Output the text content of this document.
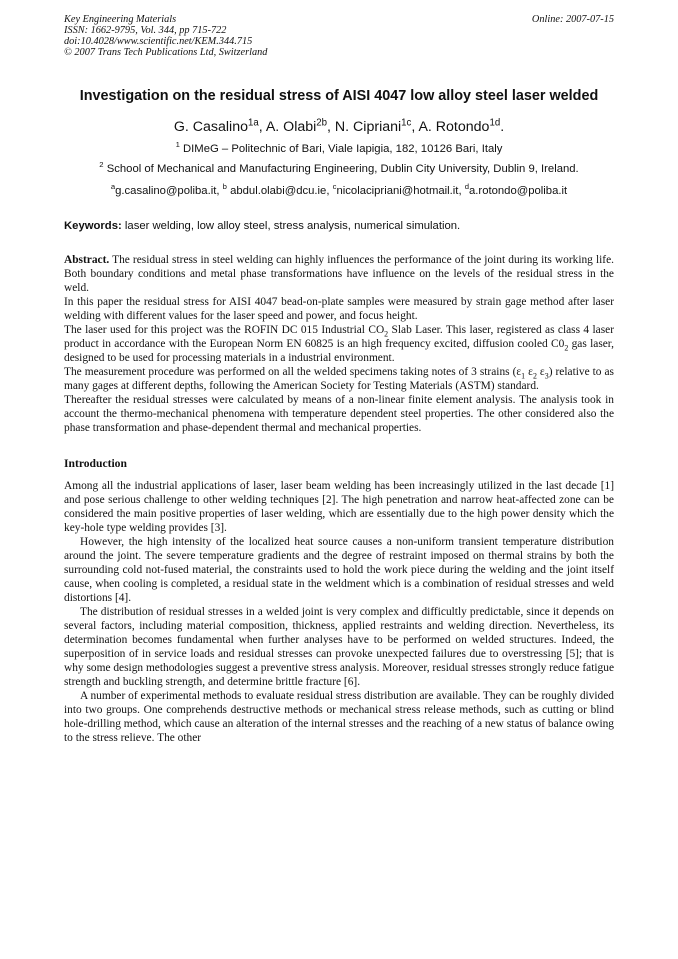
Key Engineering Materials
ISSN: 1662-9795, Vol. 344, pp 715-722
doi:10.4028/www.scientific.net/KEM.344.715
© 2007 Trans Tech Publications Ltd, Switzerland
Online: 2007-07-15
Investigation on the residual stress of AISI 4047 low alloy steel laser welded
G. Casalino$^{1a}$, A. Olabi$^{2b}$, N. Cipriani$^{1c}$, A. Rotondo$^{1d}$.
$^1$ DIMeG – Politechnic of Bari, Viale Iapigia, 182, 10126 Bari, Italy
$^2$ School of Mechanical and Manufacturing Engineering, Dublin City University, Dublin 9, Ireland.
$^a$g.casalino@poliba.it, $^b$ abdul.olabi@dcu.ie, $^c$nicolacipriani@hotmail.it, $^d$a.rotondo@poliba.it
Keywords: laser welding, low alloy steel, stress analysis, numerical simulation.

Abstract. The residual stress in steel welding can highly influences the performance of the joint during its working life. Both boundary conditions and metal phase transformations have influence on the levels of the residual stress in the weld.

In this paper the residual stress for AISI 4047 bead-on-plate samples were measured by strain gage method after laser welding with different values for the laser speed and power, and focus height.

The laser used for this project was the ROFIN DC 015 Industrial $CO_2$ Slab Laser. This laser, registered as class 4 laser product in accordance with the European Norm EN 60825 is an high frequency excited, diffusion cooled $C0_2$ gas laser, designed to be used for processing materials in a industrial environment.

The measurement procedure was performed on all the welded specimens taking notes of 3 strains ($\varepsilon_1$ $\varepsilon_2$ $\varepsilon_3$) relative to as many gages at different depths, following the American Society for Testing Materials (ASTM) standard.

Thereafter the residual stresses were calculated by means of a non-linear finite element analysis. The analysis took in account the thermo-mechanical phenomena with temperature dependent steel properties. The other considered also the phase transformation and phase-dependent thermal and mechanical properties.

Introduction

Among all the industrial applications of laser, laser beam welding has been increasingly utilized in the last decade [1] and pose serious challenge to other welding techniques [2]. The high penetration and narrow heat-affected zone can be considered the main positive properties of laser welding, which are essentially due to the high power density which the key-hole type welding provides [3].

However, the high intensity of the localized heat source causes a non-uniform transient temperature distribution around the joint. The severe temperature gradients and the degree of restraint imposed on thermal strains by both the surrounding cold not-fused material, the constraints used to hold the work piece during the welding and the joint itself cause, when cooling is completed, a residual state in the weldment which is a combination of residual stresses and weld distortions [4].

The distribution of residual stresses in a welded joint is very complex and difficultly predictable, since it depends on several factors, including material composition, thickness, applied restraints and welding direction. Nevertheless, its determination becomes fundamental when further analyses have to be performed on welded structures. Indeed, the superposition of in service loads and residual stresses can provoke unexpected failures due to overstressing [5]; that is why some design methodologies suggest a preventive stress analysis. Moreover, residual stresses strongly reduce fatigue strength and buckling strength, and determine brittle fracture [6].

A number of experimental methods to evaluate residual stress distribution are available. They can be roughly divided into two groups. One comprehends destructive methods or mechanical stress release methods, such as cutting or blind hole-drilling method, which cause an alteration of the internal stresses and the reaching of a new status of balance owing to the stress relieve. The other
